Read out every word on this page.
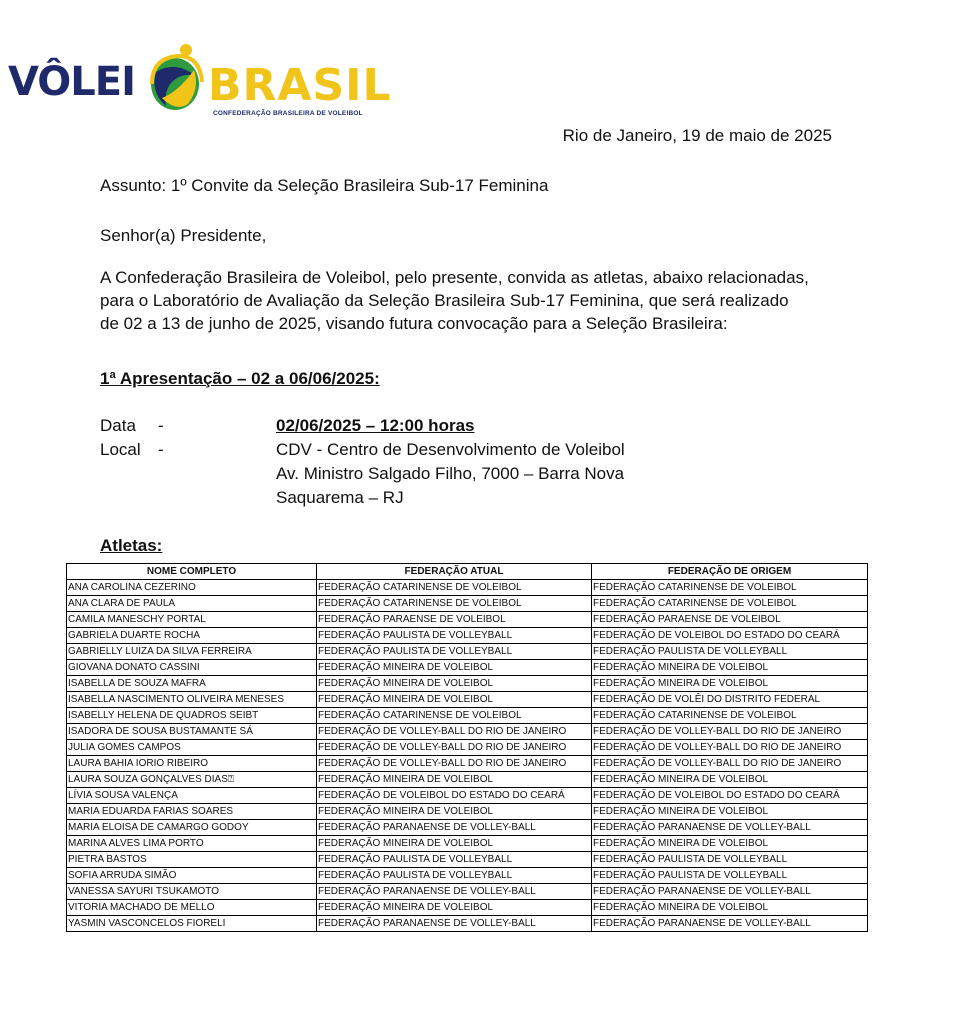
VÔLEI BRASIL
CONFEDERAÇÃO BRASILEIRA DE VOLEIBOL
Rio de Janeiro, 19 de maio de 2025
Assunto: 1º Convite da Seleção Brasileira Sub-17 Feminina
Senhor(a) Presidente,
A Confederação Brasileira de Voleibol, pelo presente, convida as atletas, abaixo relacionadas,
para o Laboratório de Avaliação da Seleção Brasileira Sub-17 Feminina, que será realizado
de 02 a 13 de junho de 2025, visando futura convocação para a Seleção Brasileira:
1ª Apresentação – 02 a 06/06/2025:
Data	-	02/06/2025 – 12:00 horas
Local	-	CDV - Centro de Desenvolvimento de Voleibol
Av. Ministro Salgado Filho, 7000 – Barra Nova
Saquarema – RJ
Atletas:
NOME COMPLETO	FEDERAÇÃO ATUAL	FEDERAÇÃO DE ORIGEM
ANA CAROLINA CEZERINO	FEDERAÇÃO CATARINENSE DE VOLEIBOL	FEDERAÇÃO CATARINENSE DE VOLEIBOL
ANA CLARA DE PAULA	FEDERAÇÃO CATARINENSE DE VOLEIBOL	FEDERAÇÃO CATARINENSE DE VOLEIBOL
CAMILA MANESCHY PORTAL	FEDERAÇÃO PARAENSE DE VOLEIBOL	FEDERAÇÃO PARAENSE DE VOLEIBOL
GABRIELA DUARTE ROCHA	FEDERAÇÃO PAULISTA DE VOLLEYBALL	FEDERAÇÃO DE VOLEIBOL DO ESTADO DO CEARÁ
GABRIELLY LUIZA DA SILVA FERREIRA	FEDERAÇÃO PAULISTA DE VOLLEYBALL	FEDERAÇÃO PAULISTA DE VOLLEYBALL
GIOVANA DONATO CASSINI	FEDERAÇÃO MINEIRA DE VOLEIBOL	FEDERAÇÃO MINEIRA DE VOLEIBOL
ISABELLA DE SOUZA MAFRA	FEDERAÇÃO MINEIRA DE VOLEIBOL	FEDERAÇÃO MINEIRA DE VOLEIBOL
ISABELLA NASCIMENTO OLIVEIRA MENESES	FEDERAÇÃO MINEIRA DE VOLEIBOL	FEDERAÇÃO DE VOLÊI DO DISTRITO FEDERAL
ISABELLY HELENA DE QUADROS SEIBT	FEDERAÇÃO CATARINENSE DE VOLEIBOL	FEDERAÇÃO CATARINENSE DE VOLEIBOL
ISADORA DE SOUSA BUSTAMANTE SÁ	FEDERAÇÃO DE VOLLEY-BALL DO RIO DE JANEIRO	FEDERAÇÃO DE VOLLEY-BALL DO RIO DE JANEIRO
JULIA GOMES CAMPOS	FEDERAÇÃO DE VOLLEY-BALL DO RIO DE JANEIRO	FEDERAÇÃO DE VOLLEY-BALL DO RIO DE JANEIRO
LAURA BAHIA IORIO RIBEIRO	FEDERAÇÃO DE VOLLEY-BALL DO RIO DE JANEIRO	FEDERAÇÃO DE VOLLEY-BALL DO RIO DE JANEIRO
LAURA SOUZA GONÇALVES DIAS⍰	FEDERAÇÃO MINEIRA DE VOLEIBOL	FEDERAÇÃO MINEIRA DE VOLEIBOL
LÍVIA SOUSA VALENÇA	FEDERAÇÃO DE VOLEIBOL DO ESTADO DO CEARÁ	FEDERAÇÃO DE VOLEIBOL DO ESTADO DO CEARÁ
MARIA EDUARDA FARIAS SOARES	FEDERAÇÃO MINEIRA DE VOLEIBOL	FEDERAÇÃO MINEIRA DE VOLEIBOL
MARIA ELOISA DE CAMARGO GODOY	FEDERAÇÃO PARANAENSE DE VOLLEY-BALL	FEDERAÇÃO PARANAENSE DE VOLLEY-BALL
MARINA ALVES LIMA PORTO	FEDERAÇÃO MINEIRA DE VOLEIBOL	FEDERAÇÃO MINEIRA DE VOLEIBOL
PIETRA BASTOS	FEDERAÇÃO PAULISTA DE VOLLEYBALL	FEDERAÇÃO PAULISTA DE VOLLEYBALL
SOFIA ARRUDA SIMÃO	FEDERAÇÃO PAULISTA DE VOLLEYBALL	FEDERAÇÃO PAULISTA DE VOLLEYBALL
VANESSA SAYURI TSUKAMOTO	FEDERAÇÃO PARANAENSE DE VOLLEY-BALL	FEDERAÇÃO PARANAENSE DE VOLLEY-BALL
VITORIA MACHADO DE MELLO	FEDERAÇÃO MINEIRA DE VOLEIBOL	FEDERAÇÃO MINEIRA DE VOLEIBOL
YASMIN VASCONCELOS FIORELI	FEDERAÇÃO PARANAENSE DE VOLLEY-BALL	FEDERAÇÃO PARANAENSE DE VOLLEY-BALL
